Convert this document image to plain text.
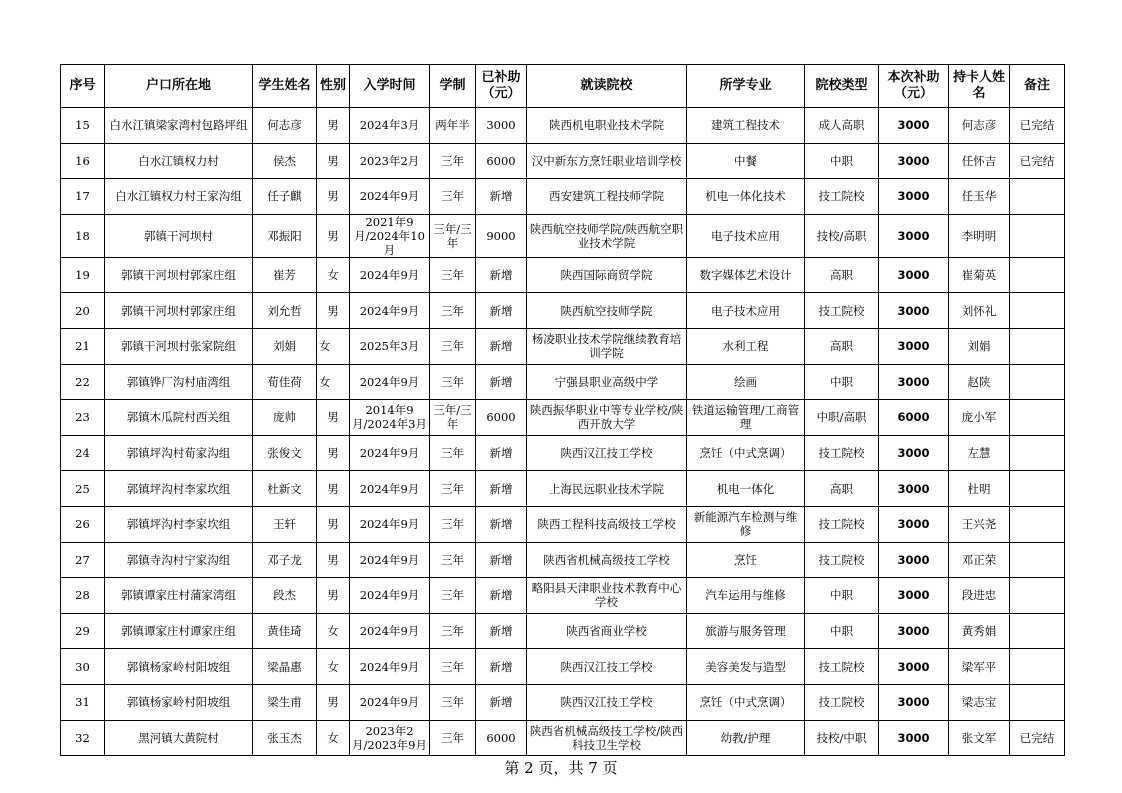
序号	户口所在地	学生姓名	性别	入学时间	学制	已补助（元）	就读院校	所学专业	院校类型	本次补助（元）	持卡人姓名	备注
15	白水江镇梁家湾村包路坪组	何志彦	男	2024年3月	两年半	3000	陕西机电职业技术学院	建筑工程技术	成人高职	3000	何志彦	已完结
16	白水江镇权力村	侯杰	男	2023年2月	三年	6000	汉中新东方烹饪职业培训学校	中餐	中职	3000	任怀吉	已完结
17	白水江镇权力村王家沟组	任子麒	男	2024年9月	三年	新增	西安建筑工程技师学院	机电一体化技术	技工院校	3000	任玉华	
18	郭镇干河坝村	邓振阳	男	2021年9月/2024年10月	三年/三年	9000	陕西航空技师学院/陕西航空职业技术学院	电子技术应用	技校/高职	3000	李明明	
19	郭镇干河坝村郭家庄组	崔芳	女	2024年9月	三年	新增	陕西国际商贸学院	数字媒体艺术设计	高职	3000	崔菊英	
20	郭镇干河坝村郭家庄组	刘允哲	男	2024年9月	三年	新增	陕西航空技师学院	电子技术应用	技工院校	3000	刘怀礼	
21	郭镇干河坝村张家院组	刘娟	女	2025年3月	三年	新增	杨凌职业技术学院继续教育培训学院	水利工程	高职	3000	刘娟	
22	郭镇铧厂沟村庙湾组	荀佳荷	女	2024年9月	三年	新增	宁强县职业高级中学	绘画	中职	3000	赵陕	
23	郭镇木瓜院村西关组	庞帅	男	2014年9月/2024年3月	三年/三年	6000	陕西振华职业中等专业学校/陕西开放大学	铁道运输管理/工商管理	中职/高职	6000	庞小军	
24	郭镇坪沟村荀家沟组	张俊文	男	2024年9月	三年	新增	陕西汉江技工学校	烹饪（中式烹调）	技工院校	3000	左慧	
25	郭镇坪沟村李家坎组	杜新文	男	2024年9月	三年	新增	上海民远职业技术学院	机电一体化	高职	3000	杜明	
26	郭镇坪沟村李家坎组	王轩	男	2024年9月	三年	新增	陕西工程科技高级技工学校	新能源汽车检测与维修	技工院校	3000	王兴尧	
27	郭镇寺沟村宁家沟组	邓子龙	男	2024年9月	三年	新增	陕西省机械高级技工学校	烹饪	技工院校	3000	邓正荣	
28	郭镇谭家庄村蒲家湾组	段杰	男	2024年9月	三年	新增	略阳县天津职业技术教育中心学校	汽车运用与维修	中职	3000	段进忠	
29	郭镇谭家庄村谭家庄组	黄佳琦	女	2024年9月	三年	新增	陕西省商业学校	旅游与服务管理	中职	3000	黄秀娟	
30	郭镇杨家岭村阳坡组	梁晶惠	女	2024年9月	三年	新增	陕西汉江技工学校	美容美发与造型	技工院校	3000	梁军平	
31	郭镇杨家岭村阳坡组	梁生甫	男	2024年9月	三年	新增	陕西汉江技工学校	烹饪（中式烹调）	技工院校	3000	梁志宝	
32	黑河镇大黄院村	张玉杰	女	2023年2月/2023年9月	三年	6000	陕西省机械高级技工学校/陕西科技卫生学校	幼教/护理	技校/中职	3000	张文军	已完结
第 2 页，共 7 页
